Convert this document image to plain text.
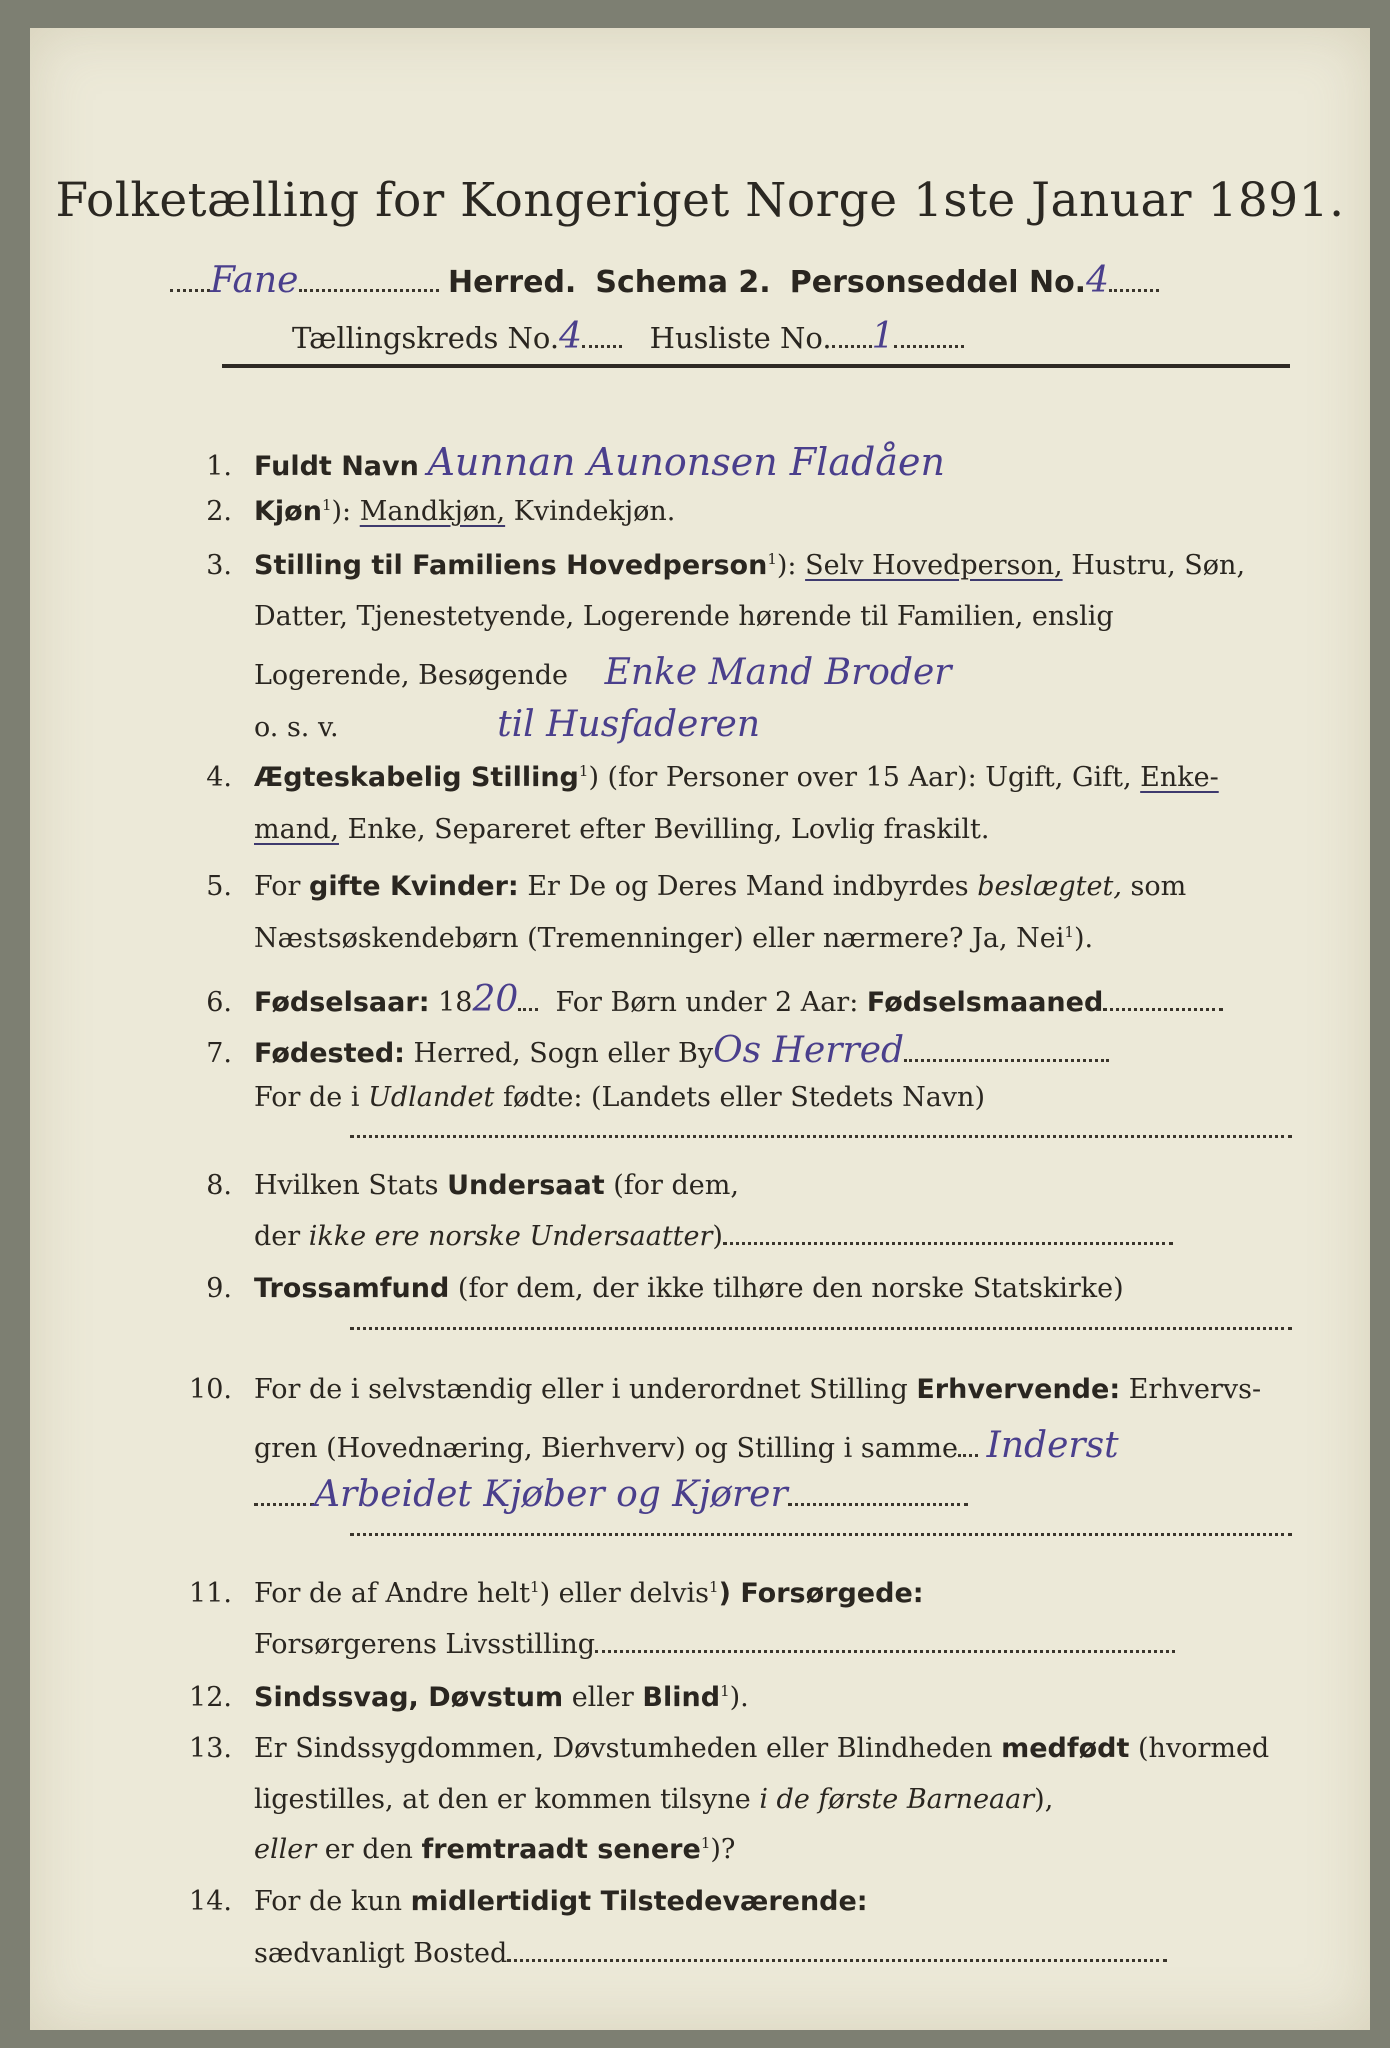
Folketælling for Kongeriget Norge 1ste Januar 1891.
Fane	Herred. Schema 2. Personseddel No.4
Tællingskreds No.4 Husliste No. 1
1. Fuldt Navn Aunnan Aunonsen Fladåen
2. Kjøn$^1$): Mandkjøn, Kvindekjøn.
3. Stilling til Familiens Hovedperson$^1$): Selv Hovedperson, Hustru, Søn,
Datter, Tjenestetyende, Logerende hørende til Familien, enslig
Logerende, Besøgende Enke Mand Broder
o. s. v.	til Husfaderen
4. Ægteskabelig Stilling$^1$) (for Personer over 15 Aar): Ugift, Gift, Enke-
mand, Enke, Separeret efter Bevilling, Lovlig fraskilt.
5. For gifte Kvinder: Er De og Deres Mand indbyrdes beslægtet, som
Næstsøskendebørn (Tremenninger) eller nærmere? Ja, Nei$^1$).
6. Fødselsaar: 1820 For Børn under 2 Aar: Fødselsmaaned
7. Fødested: Herred, Sogn eller ByOs Herred
For de i Udlandet fødte: (Landets eller Stedets Navn)
8. Hvilken Stats Undersaat (for dem,
der ikke ere norske Undersaatter)
9. Trossamfund (for dem, der ikke tilhøre den norske Statskirke)
10. For de i selvstændig eller i underordnet Stilling Erhvervende: Erhvervs-
gren (Hovednæring, Bierhverv) og Stilling i samme Inderst
Arbeidet Kjøber og Kjører
11. For de af Andre helt$^1$) eller delvis$^1$) Forsørgede:
Forsørgerens Livsstilling
12. Sindssvag, Døvstum eller Blind$^1$).
13. Er Sindssygdommen, Døvstumheden eller Blindheden medfødt (hvormed
ligestilles, at den er kommen tilsyne i de første Barneaar),
eller er den fremtraadt senere$^1$)?
14. For de kun midlertidigt Tilstedeværende:
sædvanligt Bosted
